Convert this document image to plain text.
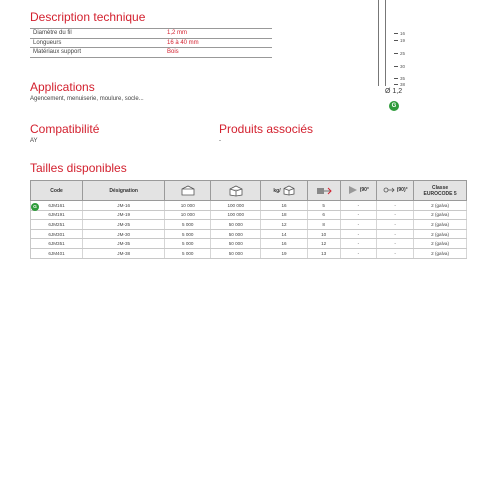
Description technique
Diamètre du fil	1,2 mm
Longueurs	16 à 40 mm
Matériaux support	Bois
16
19
25
30
35
38
Ø 1,2
G
Applications
Agencement, menuiserie, moulure, socle...
Compatibilité
AY
Produits associés
-
Tailles disponibles
Code	Désignation			kg/		(90°	(90)°	Classe
EUROCODE 5
6JM161	JM-16	10 000	100 000	16	5	-	-	2 (galva)
6JM191	JM-19	10 000	100 000	18	6	-	-	2 (galva)
6JM251	JM-25	5 000	50 000	12	8	-	-	2 (galva)
6JM301	JM-30	5 000	50 000	14	10	-	-	2 (galva)
6JM351	JM-35	5 000	50 000	16	12	-	-	2 (galva)
6JM401	JM-38	5 000	50 000	19	13	-	-	2 (galva)
G
